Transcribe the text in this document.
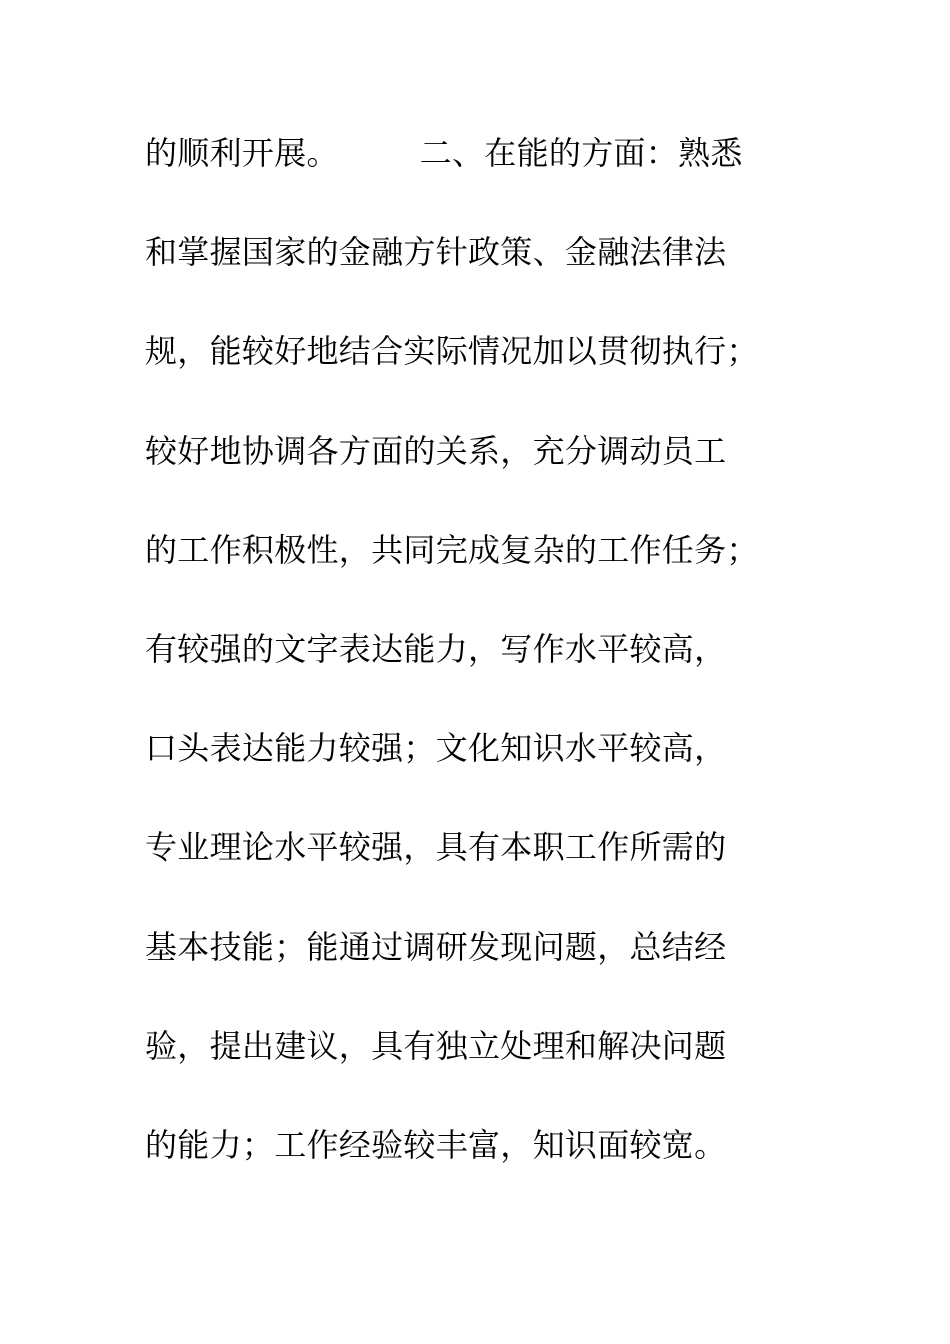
的顺利开展。　　　二、在能的方面：熟悉
和掌握国家的金融方针政策、金融法律法
规，能较好地结合实际情况加以贯彻执行；
较好地协调各方面的关系，充分调动员工
的工作积极性，共同完成复杂的工作任务；
有较强的文字表达能力，写作水平较高，
口头表达能力较强；文化知识水平较高，
专业理论水平较强，具有本职工作所需的
基本技能；能通过调研发现问题，总结经
验，提出建议，具有独立处理和解决问题
的能力；工作经验较丰富，知识面较宽。
